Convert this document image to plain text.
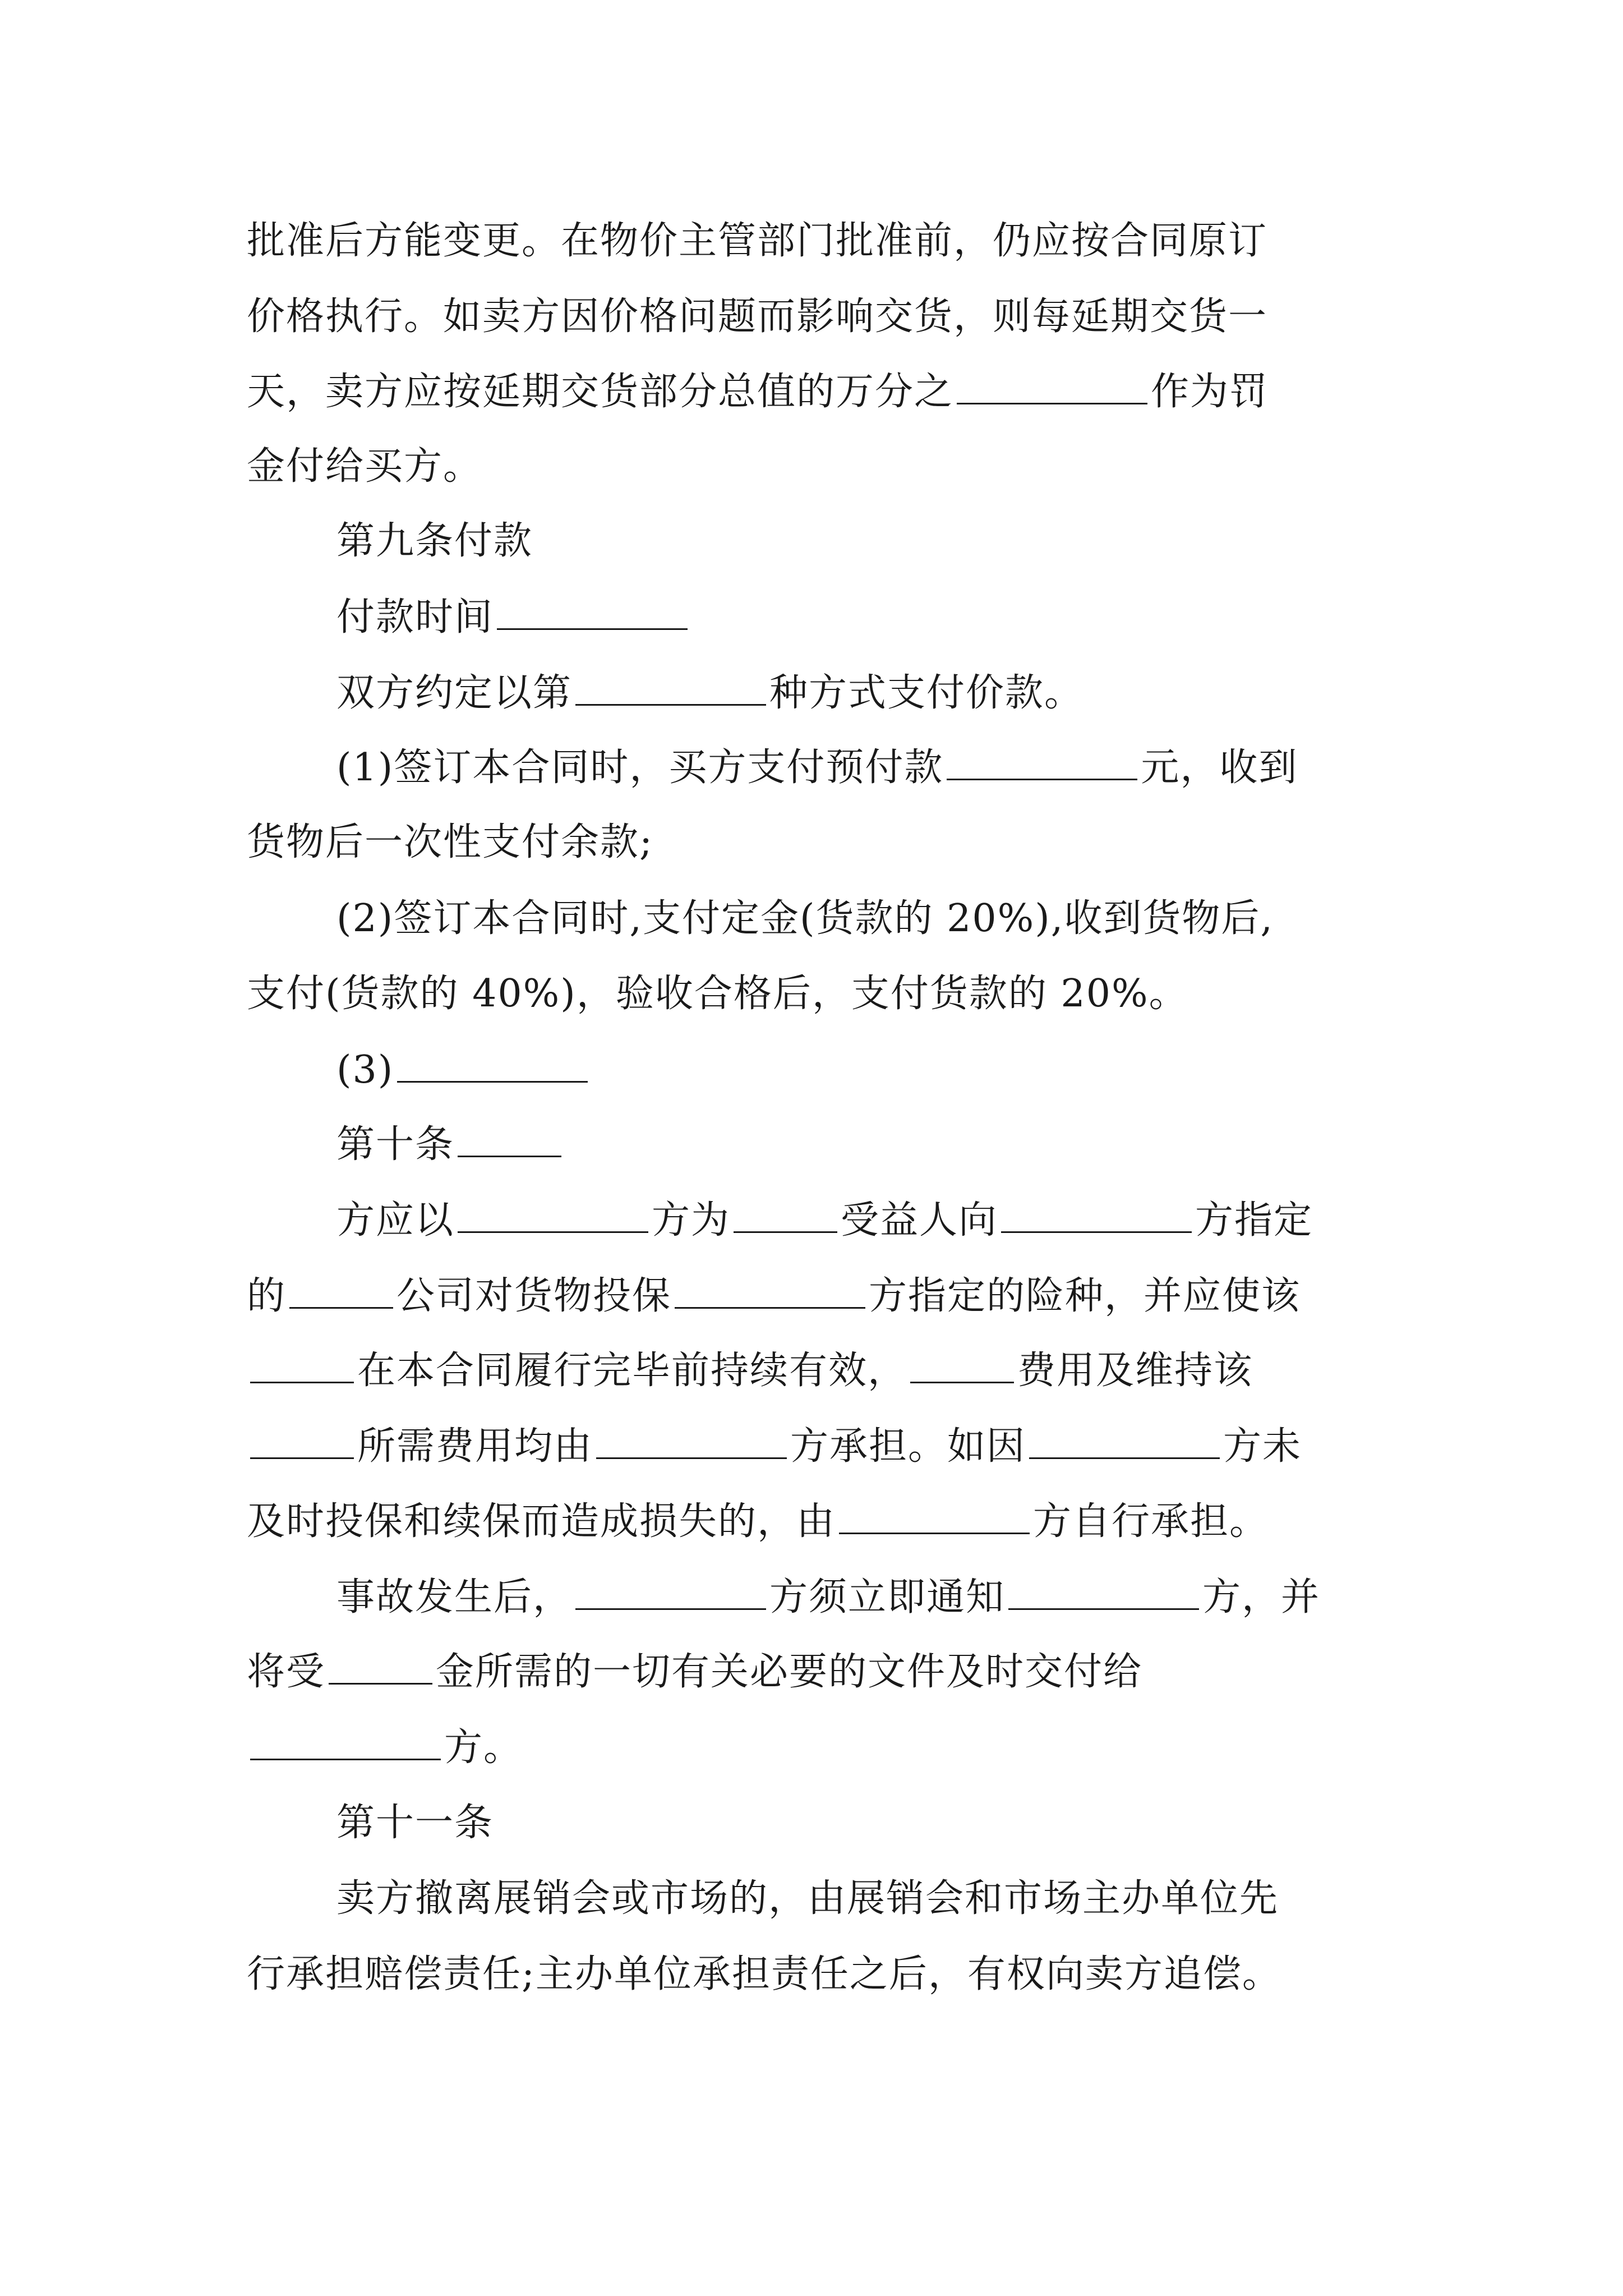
批准后方能变更。在物价主管部门批准前，仍应按合同原订
价格执行。如卖方因价格问题而影响交货，则每延期交货一
天，卖方应按延期交货部分总值的万分之	作为罚
金付给买方。
第九条付款
付款时间
双方约定以第	种方式支付价款。
(1)签订本合同时，买方支付预付款	元，收到
货物后一次性支付余款;
(2)签订本合同时,支付定金(货款的 20%),收到货物后,
支付(货款的 40%)，验收合格后，支付货款的 20%。
(3)
第十条
方应以	方为	受益人向	方指定
的	公司对货物投保	方指定的险种，并应使该
在本合同履行完毕前持续有效，	费用及维持该
所需费用均由	方承担。如因	方未
及时投保和续保而造成损失的，由	方自行承担。
事故发生后，	方须立即通知	方，并
将受	金所需的一切有关必要的文件及时交付给
方。
第十一条
卖方撤离展销会或市场的，由展销会和市场主办单位先
行承担赔偿责任;主办单位承担责任之后，有权向卖方追偿。
